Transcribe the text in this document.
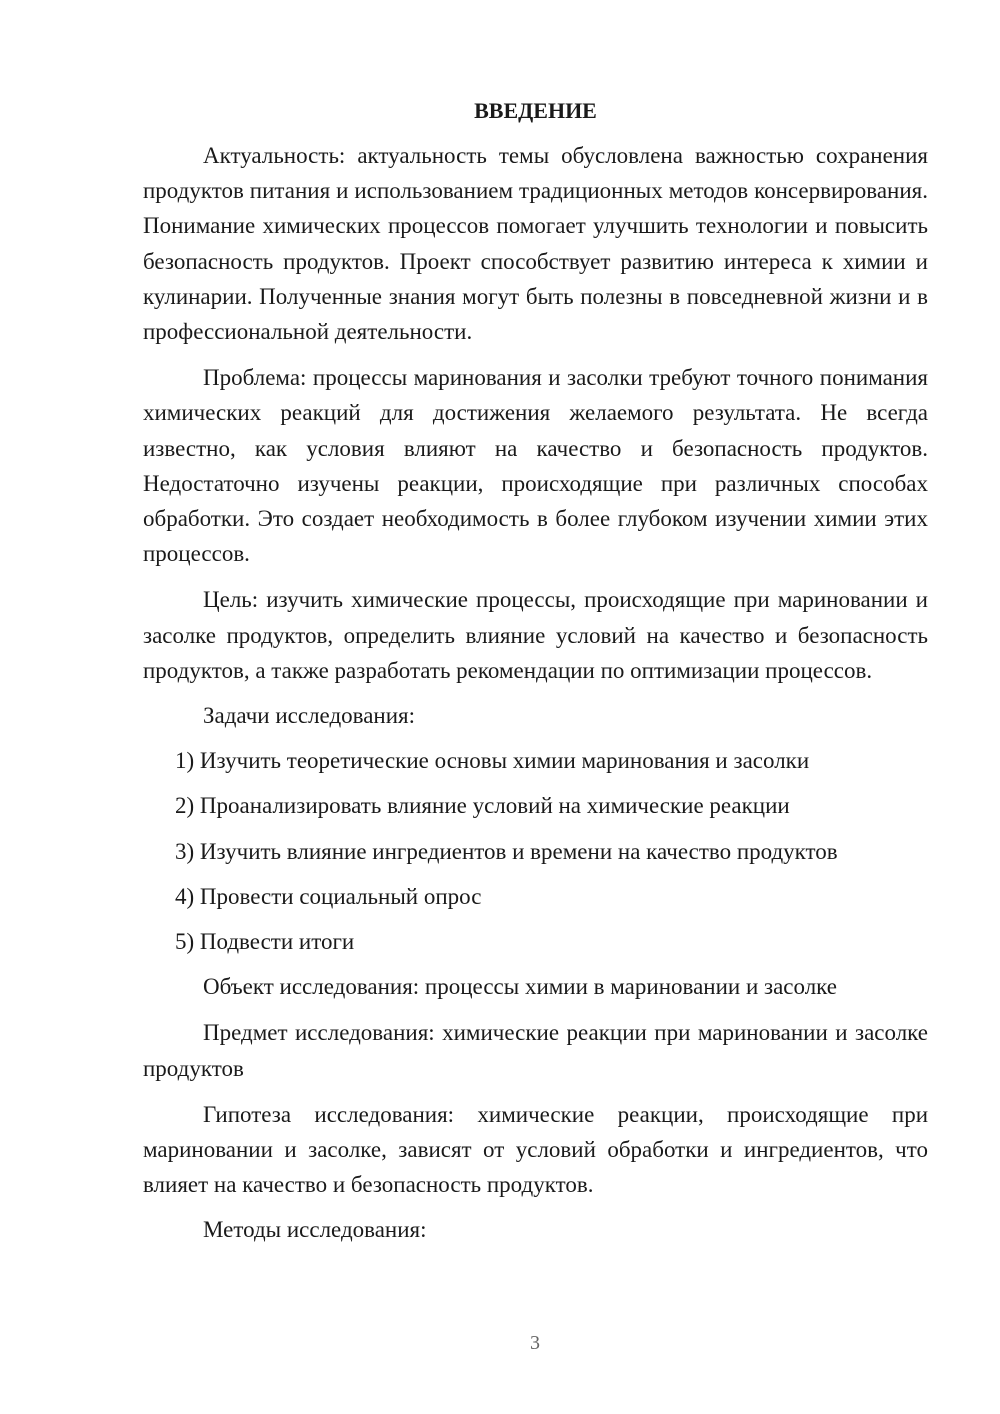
ВВЕДЕНИЕ

Актуальность: актуальность темы обусловлена важностью сохранения продуктов питания и использованием традиционных методов консервирования. Понимание химических процессов помогает улучшить технологии и повысить безопасность продуктов. Проект способствует развитию интереса к химии и кулинарии. Полученные знания могут быть полезны в повседневной жизни и в профессиональной деятельности.

Проблема: процессы маринования и засолки требуют точного понимания химических реакций для достижения желаемого результата. Не всегда известно, как условия влияют на качество и безопасность продуктов. Недостаточно изучены реакции, происходящие при различных способах обработки. Это создает необходимость в более глубоком изучении химии этих процессов.

Цель: изучить химические процессы, происходящие при мариновании и засолке продуктов, определить влияние условий на качество и безопасность продуктов, а также разработать рекомендации по оптимизации процессов.

Задачи исследования:

1) Изучить теоретические основы химии маринования и засолки
2) Проанализировать влияние условий на химические реакции
3) Изучить влияние ингредиентов и времени на качество продуктов
4) Провести социальный опрос
5) Подвести итоги

Объект исследования: процессы химии в мариновании и засолке

Предмет исследования: химические реакции при мариновании и засолке продуктов

Гипотеза исследования: химические реакции, происходящие при мариновании и засолке, зависят от условий обработки и ингредиентов, что влияет на качество и безопасность продуктов.

Методы исследования:

3
